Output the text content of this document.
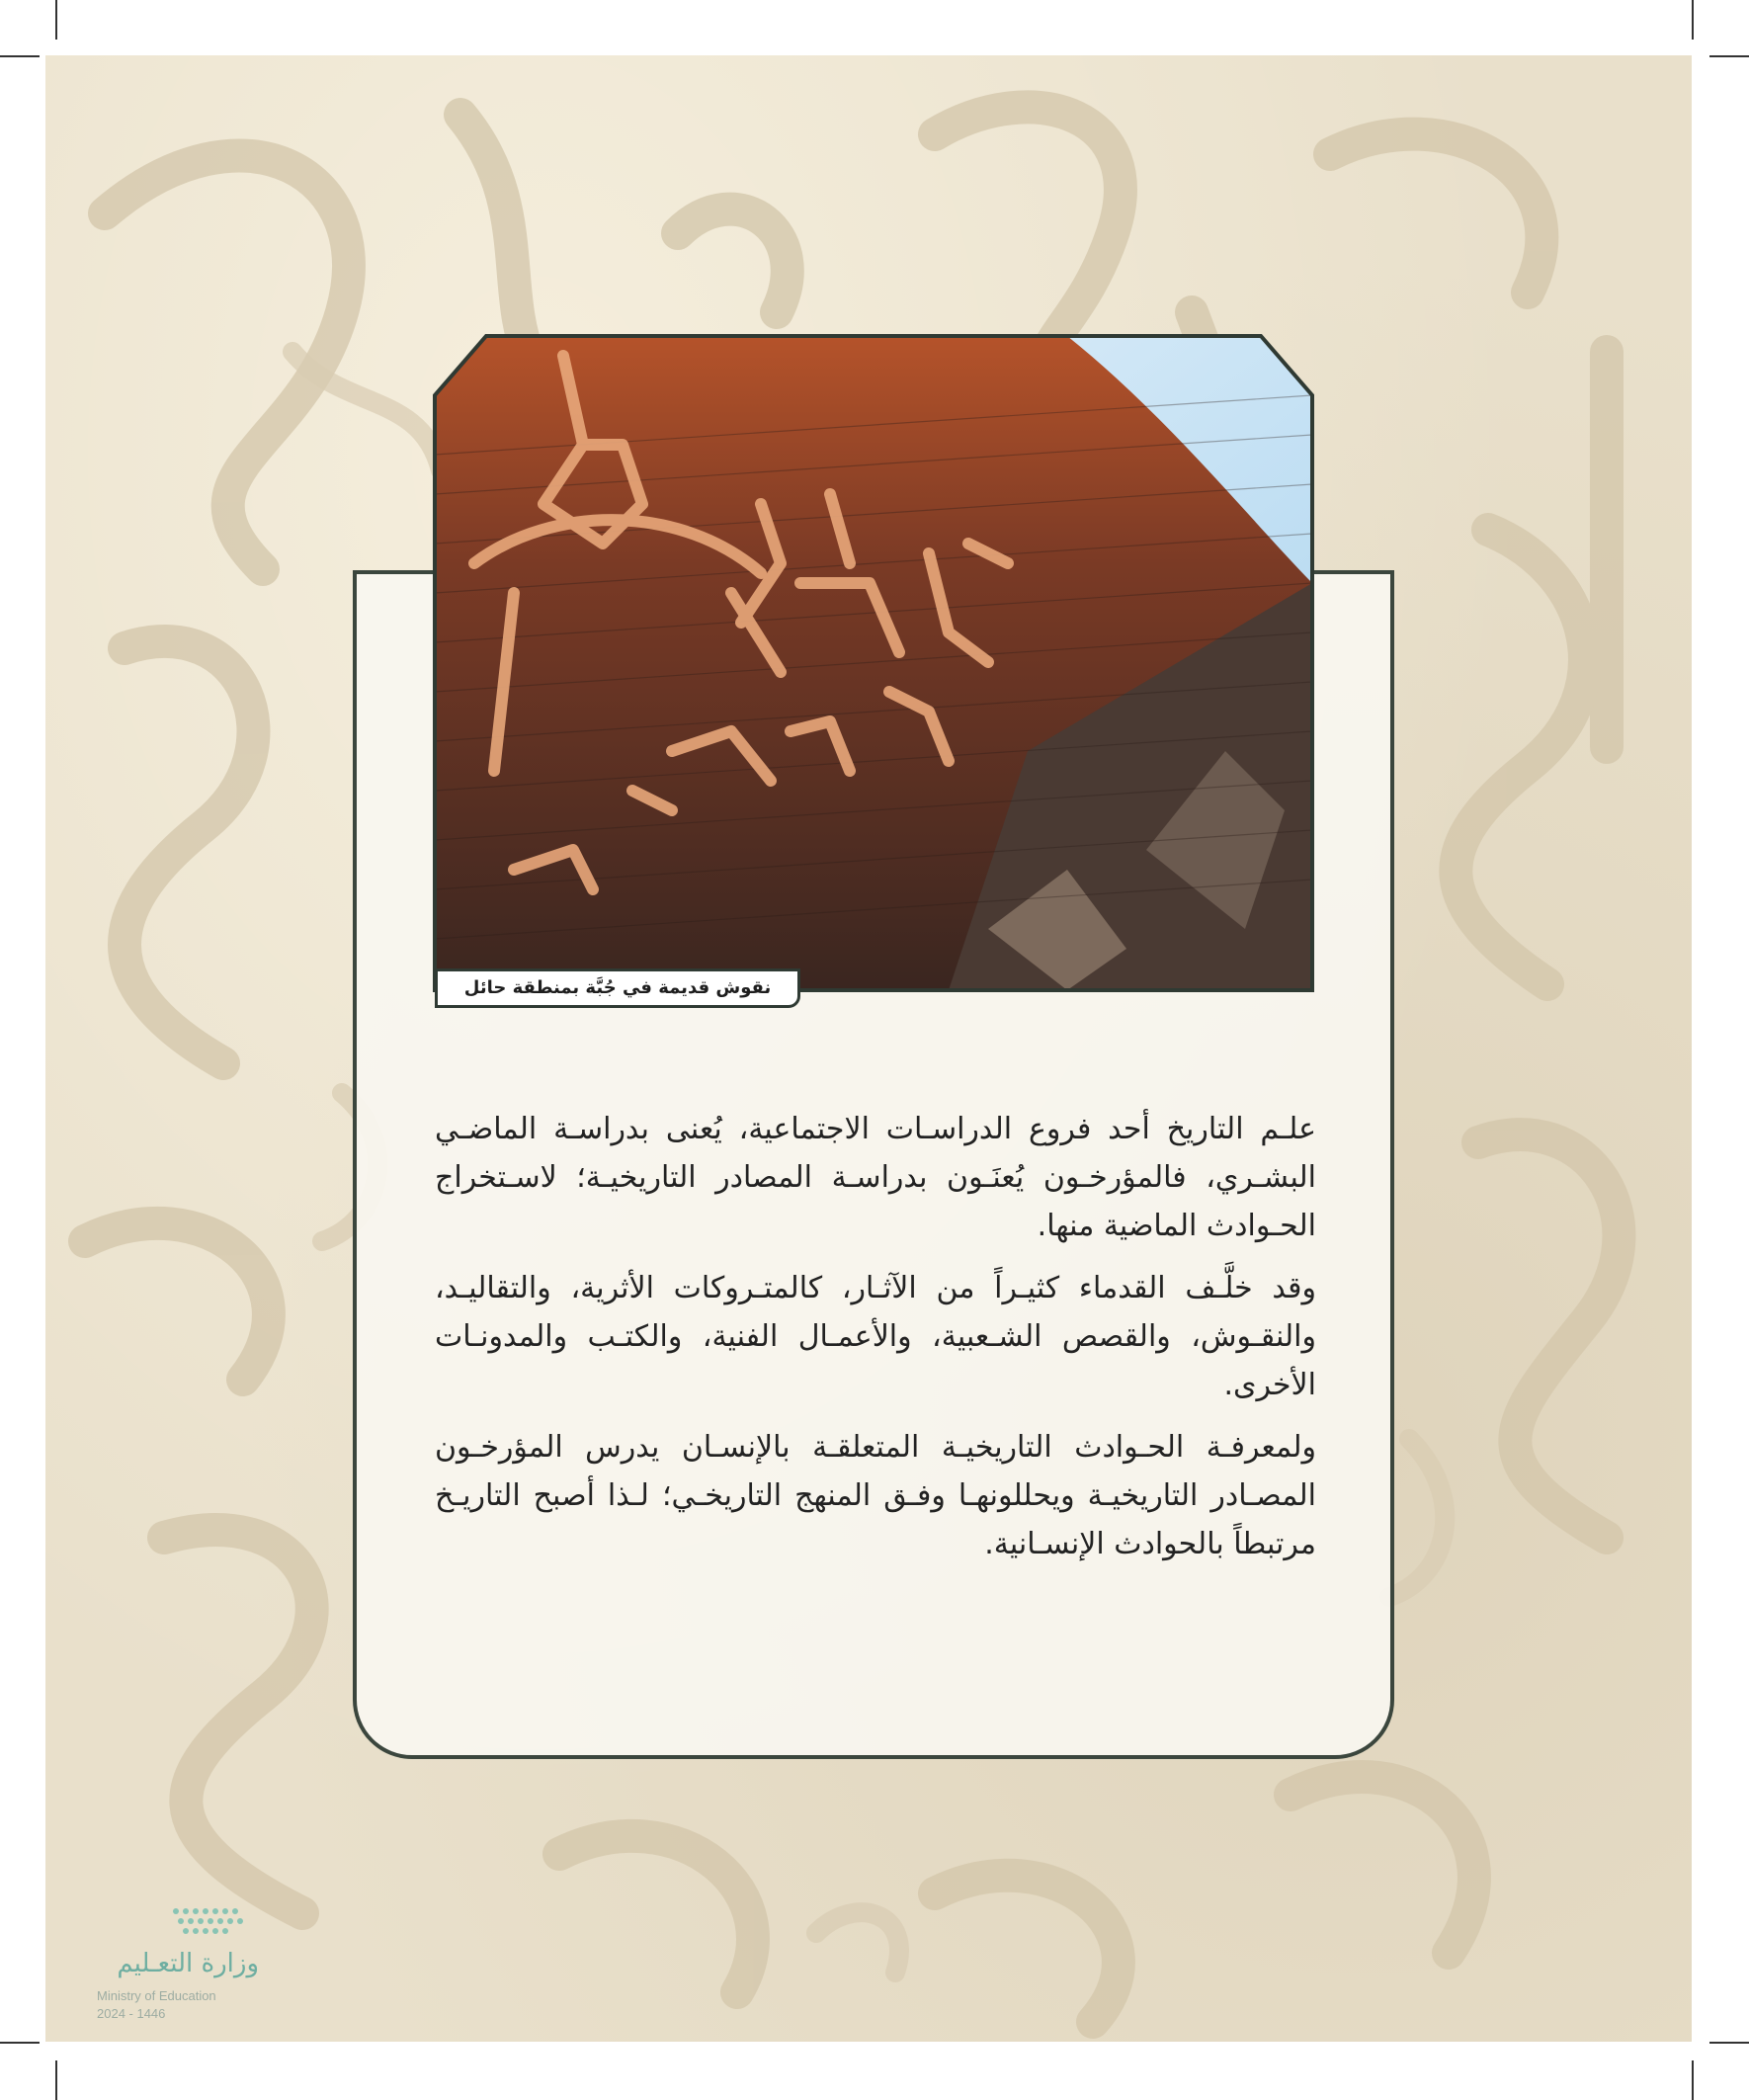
نقوش قديمة في جُبَّة بمنطقة حائل

علـم التاريخ أحد فروع الدراسـات الاجتماعية، يُعنى بدراسـة الماضـي البشـري، فالمؤرخـون يُعنَـون بدراسـة المصادر التاريخيـة؛ لاسـتخراج الحـوادث الماضية منها.

وقد خلَّـف القدماء كثيـراً من الآثـار، كالمتـروكات الأثرية، والتقاليـد، والنقـوش، والقصص الشـعبية، والأعمـال الفنية، والكتـب والمدونـات الأخرى.

ولمعرفـة الحـوادث التاريخيـة المتعلقـة بالإنسـان يدرس المؤرخـون المصـادر التاريخيـة ويحللونهـا وفـق المنهج التاريخـي؛ لـذا أصبح التاريـخ مرتبطاً بالحوادث الإنسـانية.

وزارة التعـليم
Ministry of Education
2024 - 1446
